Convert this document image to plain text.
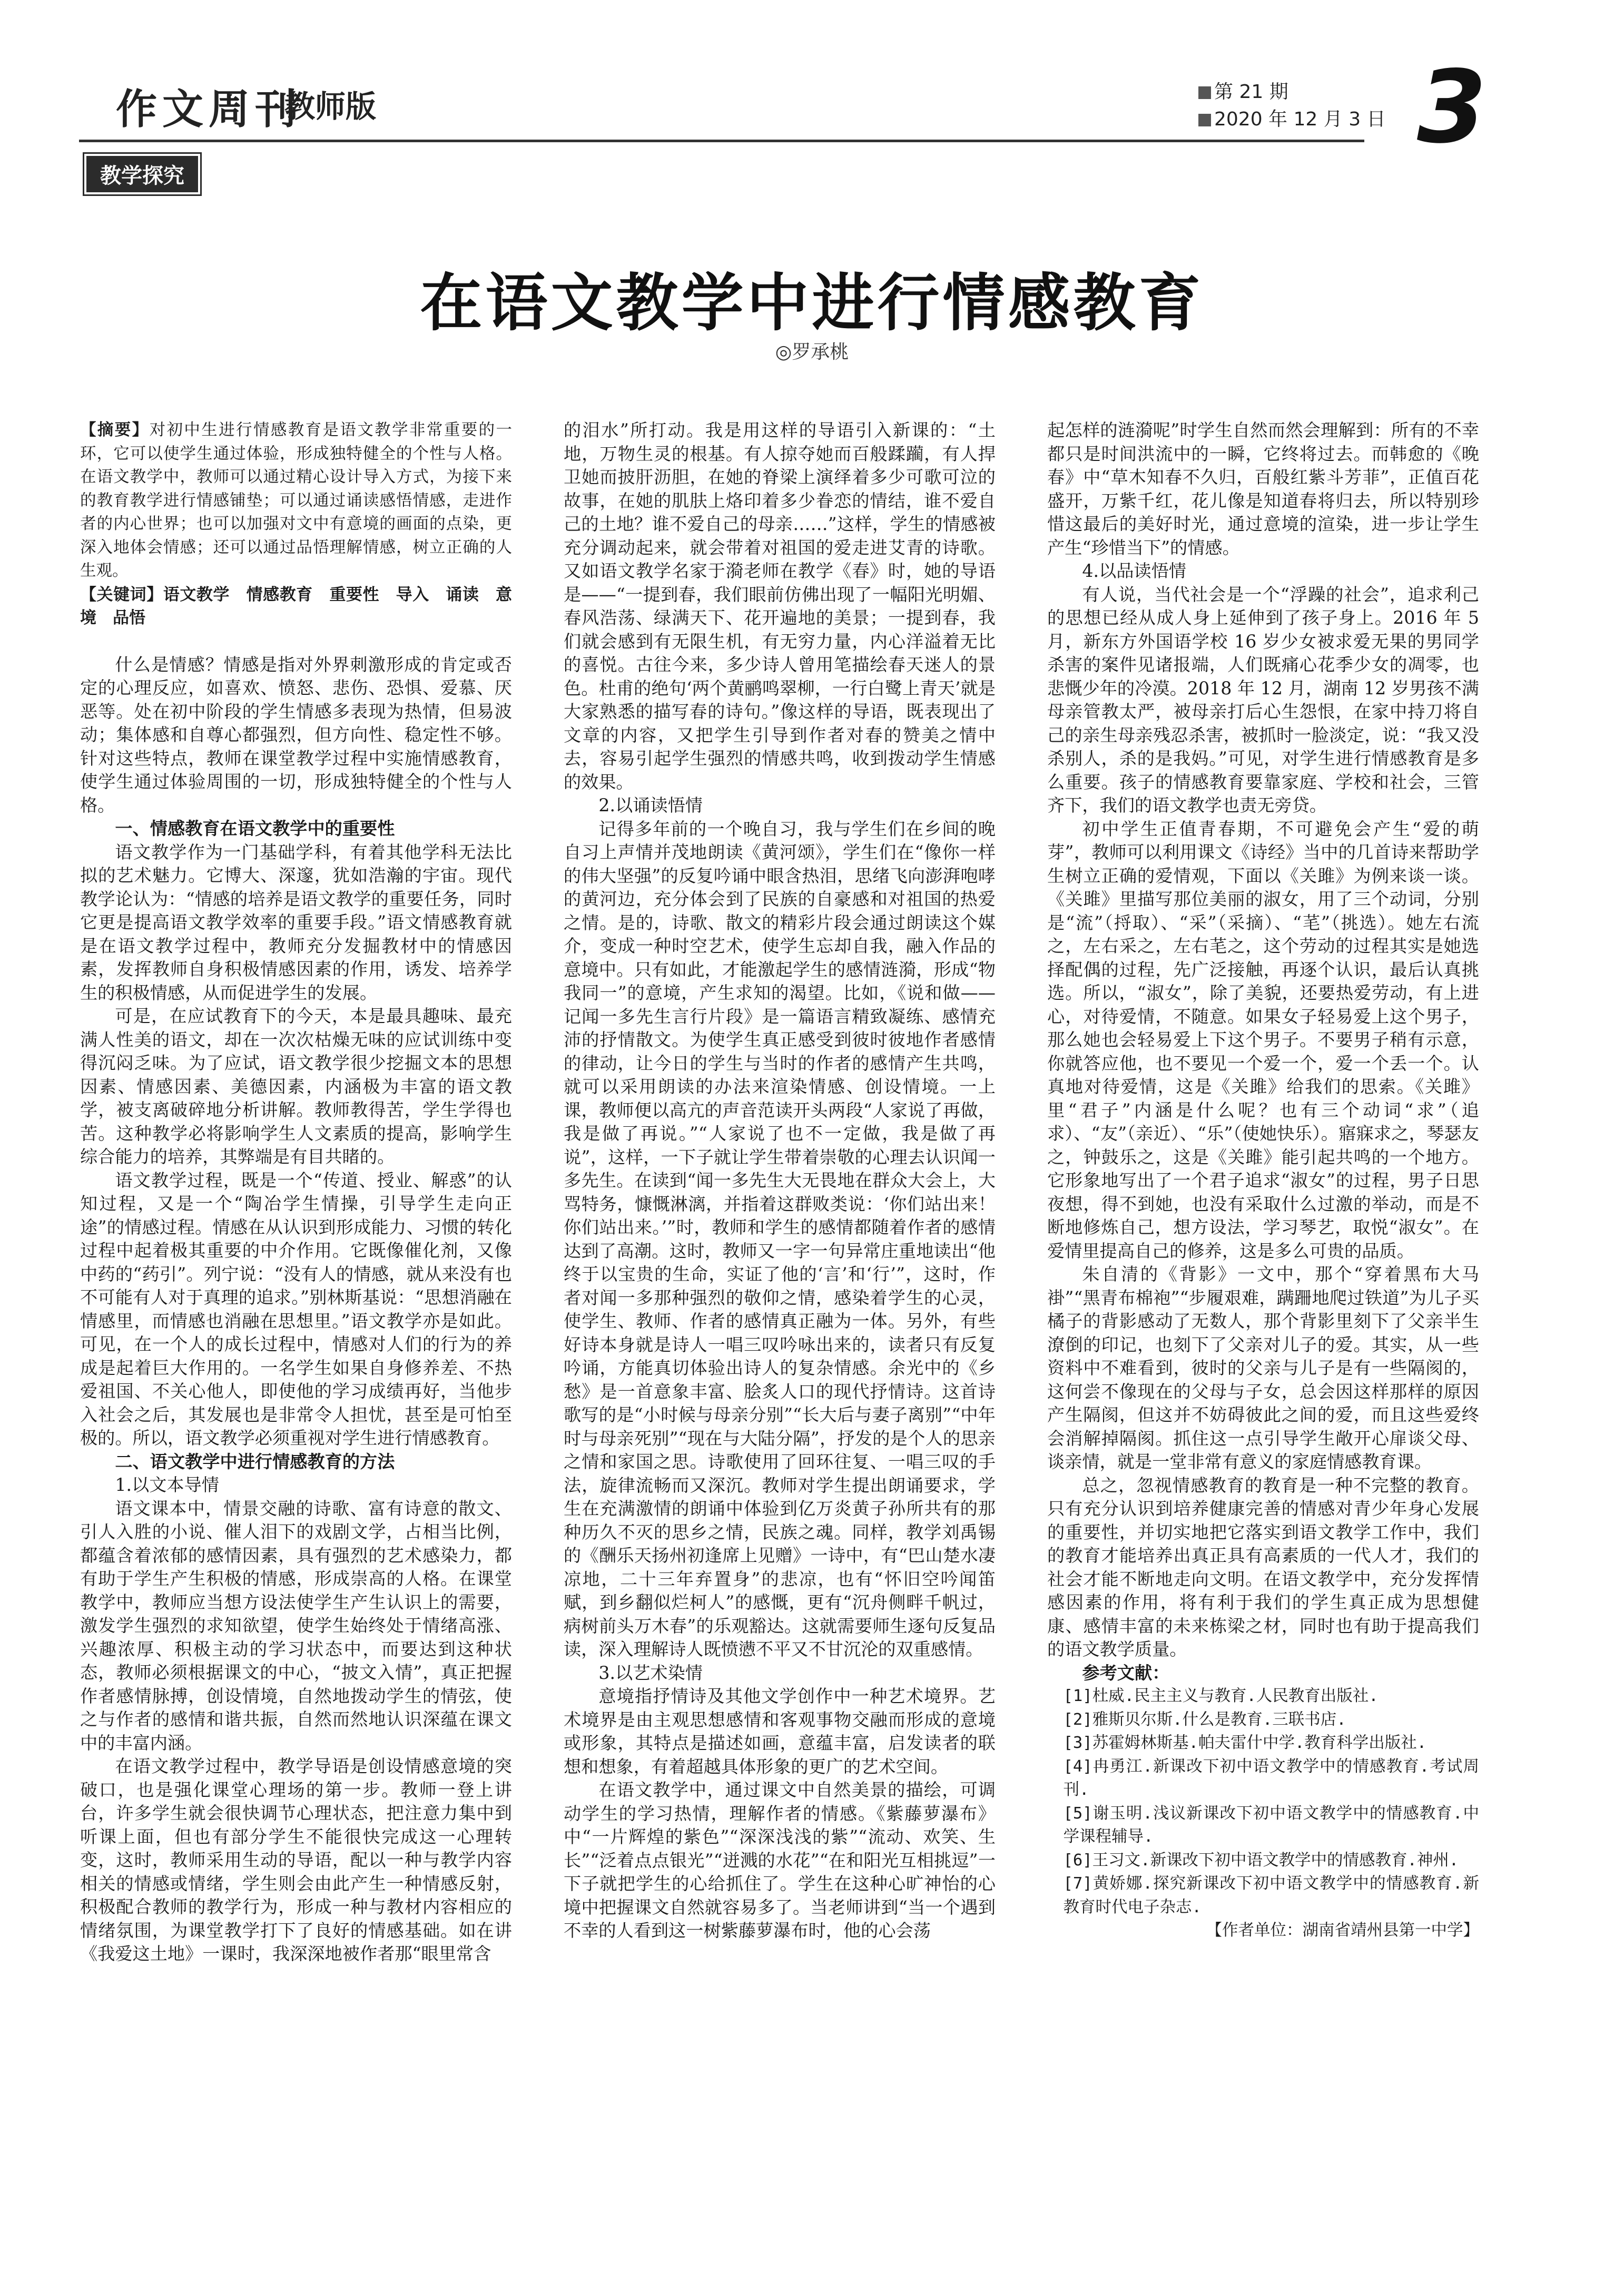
作文周刊
教师版	第 21 期
2020 年 12 月 3 日 3
教学探究
在语文教学中进行情感教育
◎罗承桃

【摘要】对初中生进行情感教育是语文教学非常重要的一环，它可以使学生通过体验，形成独特健全的个性与人格。在语文教学中，教师可以通过精心设计导入方式，为接下来的教育教学进行情感铺垫；可以通过诵读感悟情感，走进作者的内心世界；也可以加强对文中有意境的画面的点染，更深入地体会情感；还可以通过品悟理解情感，树立正确的人生观。

【关键词】语文教学　情感教育　重要性　导入　诵读　意境　品悟

什么是情感？情感是指对外界刺激形成的肯定或否定的心理反应，如喜欢、愤怒、悲伤、恐惧、爱慕、厌恶等。处在初中阶段的学生情感多表现为热情，但易波动；集体感和自尊心都强烈，但方向性、稳定性不够。针对这些特点，教师在课堂教学过程中实施情感教育，使学生通过体验周围的一切，形成独特健全的个性与人格。

一、情感教育在语文教学中的重要性

语文教学作为一门基础学科，有着其他学科无法比拟的艺术魅力。它博大、深邃，犹如浩瀚的宇宙。现代教学论认为：“情感的培养是语文教学的重要任务，同时它更是提高语文教学效率的重要手段。”语文情感教育就是在语文教学过程中，教师充分发掘教材中的情感因素，发挥教师自身积极情感因素的作用，诱发、培养学生的积极情感，从而促进学生的发展。

可是，在应试教育下的今天，本是最具趣味、最充满人性美的语文，却在一次次枯燥无味的应试训练中变得沉闷乏味。为了应试，语文教学很少挖掘文本的思想因素、情感因素、美德因素，内涵极为丰富的语文教学，被支离破碎地分析讲解。教师教得苦，学生学得也苦。这种教学必将影响学生人文素质的提高，影响学生综合能力的培养，其弊端是有目共睹的。

语文教学过程，既是一个“传道、授业、解惑”的认知过程，又是一个“陶冶学生情操，引导学生走向正途”的情感过程。情感在从认识到形成能力、习惯的转化过程中起着极其重要的中介作用。它既像催化剂，又像中药的“药引”。列宁说：“没有人的情感，就从来没有也不可能有人对于真理的追求。”别林斯基说：“思想消融在情感里，而情感也消融在思想里。”语文教学亦是如此。可见，在一个人的成长过程中，情感对人们的行为的养成是起着巨大作用的。一名学生如果自身修养差、不热爱祖国、不关心他人，即使他的学习成绩再好，当他步入社会之后，其发展也是非常令人担忧，甚至是可怕至极的。所以，语文教学必须重视对学生进行情感教育。

二、语文教学中进行情感教育的方法

1.以文本导情

语文课本中，情景交融的诗歌、富有诗意的散文、引人入胜的小说、催人泪下的戏剧文学，占相当比例，都蕴含着浓郁的感情因素，具有强烈的艺术感染力，都有助于学生产生积极的情感，形成崇高的人格。在课堂教学中，教师应当想方设法使学生产生认识上的需要，激发学生强烈的求知欲望，使学生始终处于情绪高涨、兴趣浓厚、积极主动的学习状态中，而要达到这种状态，教师必须根据课文的中心，“披文入情”，真正把握作者感情脉搏，创设情境，自然地拨动学生的情弦，使之与作者的感情和谐共振，自然而然地认识深蕴在课文中的丰富内涵。

在语文教学过程中，教学导语是创设情感意境的突破口，也是强化课堂心理场的第一步。教师一登上讲台，许多学生就会很快调节心理状态，把注意力集中到听课上面，但也有部分学生不能很快完成这一心理转变，这时，教师采用生动的导语，配以一种与教学内容相关的情感或情绪，学生则会由此产生一种情感反射，积极配合教师的教学行为，形成一种与教材内容相应的情绪氛围，为课堂教学打下了良好的情感基础。如在讲《我爱这土地》一课时，我深深地被作者那“眼里常含

的泪水”所打动。我是用这样的导语引入新课的：“土地，万物生灵的根基。有人掠夺她而百般蹂躏，有人捍卫她而披肝沥胆，在她的脊梁上演绎着多少可歌可泣的故事，在她的肌肤上烙印着多少眷恋的情结，谁不爱自己的土地？谁不爱自己的母亲……”这样，学生的情感被充分调动起来，就会带着对祖国的爱走进艾青的诗歌。又如语文教学名家于漪老师在教学《春》时，她的导语是——“一提到春，我们眼前仿佛出现了一幅阳光明媚、春风浩荡、绿满天下、花开遍地的美景；一提到春，我们就会感到有无限生机，有无穷力量，内心洋溢着无比的喜悦。古往今来，多少诗人曾用笔描绘春天迷人的景色。杜甫的绝句‘两个黄鹂鸣翠柳，一行白鹭上青天’就是大家熟悉的描写春的诗句。”像这样的导语，既表现出了文章的内容，又把学生引导到作者对春的赞美之情中去，容易引起学生强烈的情感共鸣，收到拨动学生情感的效果。

2.以诵读悟情

记得多年前的一个晚自习，我与学生们在乡间的晚自习上声情并茂地朗读《黄河颂》，学生们在“像你一样的伟大坚强”的反复吟诵中眼含热泪，思绪飞向澎湃咆哮的黄河边，充分体会到了民族的自豪感和对祖国的热爱之情。是的，诗歌、散文的精彩片段会通过朗读这个媒介，变成一种时空艺术，使学生忘却自我，融入作品的意境中。只有如此，才能激起学生的感情涟漪，形成“物我同一”的意境，产生求知的渴望。比如，《说和做——记闻一多先生言行片段》是一篇语言精致凝练、感情充沛的抒情散文。为使学生真正感受到彼时彼地作者感情的律动，让今日的学生与当时的作者的感情产生共鸣，就可以采用朗读的办法来渲染情感、创设情境。一上课，教师便以高亢的声音范读开头两段“人家说了再做，我是做了再说。”“人家说了也不一定做，我是做了再说”，这样，一下子就让学生带着崇敬的心理去认识闻一多先生。在读到“闻一多先生大无畏地在群众大会上，大骂特务，慷慨淋漓，并指着这群败类说：‘你们站出来！你们站出来。’”时，教师和学生的感情都随着作者的感情达到了高潮。这时，教师又一字一句异常庄重地读出“他终于以宝贵的生命，实证了他的‘言’和‘行’”，这时，作者对闻一多那种强烈的敬仰之情，感染着学生的心灵，使学生、教师、作者的感情真正融为一体。另外，有些好诗本身就是诗人一唱三叹吟咏出来的，读者只有反复吟诵，方能真切体验出诗人的复杂情感。余光中的《乡愁》是一首意象丰富、脍炙人口的现代抒情诗。这首诗歌写的是“小时候与母亲分别”“长大后与妻子离别”“中年时与母亲死别”“现在与大陆分隔”，抒发的是个人的思亲之情和家国之思。诗歌使用了回环往复、一唱三叹的手法，旋律流畅而又深沉。教师对学生提出朗诵要求，学生在充满激情的朗诵中体验到亿万炎黄子孙所共有的那种历久不灭的思乡之情，民族之魂。同样，教学刘禹锡的《酬乐天扬州初逢席上见赠》一诗中，有“巴山楚水凄凉地，二十三年弃置身”的悲凉，也有“怀旧空吟闻笛赋，到乡翻似烂柯人”的感慨，更有“沉舟侧畔千帆过，病树前头万木春”的乐观豁达。这就需要师生逐句反复品读，深入理解诗人既愤懑不平又不甘沉沦的双重感情。

3.以艺术染情

意境指抒情诗及其他文学创作中一种艺术境界。艺术境界是由主观思想感情和客观事物交融而形成的意境或形象，其特点是描述如画，意蕴丰富，启发读者的联想和想象，有着超越具体形象的更广的艺术空间。

在语文教学中，通过课文中自然美景的描绘，可调动学生的学习热情，理解作者的情感。《紫藤萝瀑布》中“一片辉煌的紫色”“深深浅浅的紫”“流动、欢笑、生长”“泛着点点银光”“迸溅的水花”“在和阳光互相挑逗”一下子就把学生的心给抓住了。学生在这种心旷神怡的心境中把握课文自然就容易多了。当老师讲到“当一个遇到不幸的人看到这一树紫藤萝瀑布时，他的心会荡

起怎样的涟漪呢”时学生自然而然会理解到：所有的不幸都只是时间洪流中的一瞬，它终将过去。而韩愈的《晚春》中“草木知春不久归，百般红紫斗芳菲”，正值百花盛开，万紫千红，花儿像是知道春将归去，所以特别珍惜这最后的美好时光，通过意境的渲染，进一步让学生产生“珍惜当下”的情感。

4.以品读悟情

有人说，当代社会是一个“浮躁的社会”，追求利己的思想已经从成人身上延伸到了孩子身上。2016 年 5 月，新东方外国语学校 16 岁少女被求爱无果的男同学杀害的案件见诸报端，人们既痛心花季少女的凋零，也悲慨少年的冷漠。2018 年 12 月，湖南 12 岁男孩不满母亲管教太严，被母亲打后心生怨恨，在家中持刀将自己的亲生母亲残忍杀害，被抓时一脸淡定，说：“我又没杀别人，杀的是我妈。”可见，对学生进行情感教育是多么重要。孩子的情感教育要靠家庭、学校和社会，三管齐下，我们的语文教学也责无旁贷。

初中学生正值青春期，不可避免会产生“爱的萌芽”，教师可以利用课文《诗经》当中的几首诗来帮助学生树立正确的爱情观，下面以《关雎》为例来谈一谈。《关雎》里描写那位美丽的淑女，用了三个动词，分别是“流”（捋取）、“采”（采摘）、“芼”（挑选）。她左右流之，左右采之，左右芼之，这个劳动的过程其实是她选择配偶的过程，先广泛接触，再逐个认识，最后认真挑选。所以，“淑女”，除了美貌，还要热爱劳动，有上进心，对待爱情，不随意。如果女子轻易爱上这个男子，那么她也会轻易爱上下这个男子。不要男子稍有示意，你就答应他，也不要见一个爱一个，爱一个丢一个。认真地对待爱情，这是《关雎》给我们的思索。《关雎》里“君子”内涵是什么呢？也有三个动词“求”（追求）、“友”（亲近）、“乐”（使她快乐）。寤寐求之，琴瑟友之，钟鼓乐之，这是《关雎》能引起共鸣的一个地方。它形象地写出了一个君子追求“淑女”的过程，男子日思夜想，得不到她，也没有采取什么过激的举动，而是不断地修炼自己，想方设法，学习琴艺，取悦“淑女”。在爱情里提高自己的修养，这是多么可贵的品质。

朱自清的《背影》一文中，那个“穿着黑布大马褂”“黑青布棉袍”“步履艰难，蹒跚地爬过铁道”为儿子买橘子的背影感动了无数人，那个背影里刻下了父亲半生潦倒的印记，也刻下了父亲对儿子的爱。其实，从一些资料中不难看到，彼时的父亲与儿子是有一些隔阂的，这何尝不像现在的父母与子女，总会因这样那样的原因产生隔阂，但这并不妨碍彼此之间的爱，而且这些爱终会消解掉隔阂。抓住这一点引导学生敞开心扉谈父母、谈亲情，就是一堂非常有意义的家庭情感教育课。

总之，忽视情感教育的教育是一种不完整的教育。只有充分认识到培养健康完善的情感对青少年身心发展的重要性，并切实地把它落实到语文教学工作中，我们的教育才能培养出真正具有高素质的一代人才，我们的社会才能不断地走向文明。在语文教学中，充分发挥情感因素的作用，将有利于我们的学生真正成为思想健康、感情丰富的未来栋梁之材，同时也有助于提高我们的语文教学质量。

参考文献：

[1]杜威.民主主义与教育.人民教育出版社.

[2]雅斯贝尔斯.什么是教育.三联书店.

[3]苏霍姆林斯基.帕夫雷什中学.教育科学出版社.

[4]冉勇江.新课改下初中语文教学中的情感教育.考试周刊.

[5]谢玉明.浅议新课改下初中语文教学中的情感教育.中学课程辅导.

[6]王习文.新课改下初中语文教学中的情感教育.神州.

[7]黄娇娜.探究新课改下初中语文教学中的情感教育.新教育时代电子杂志.

【作者单位：湖南省靖州县第一中学】
